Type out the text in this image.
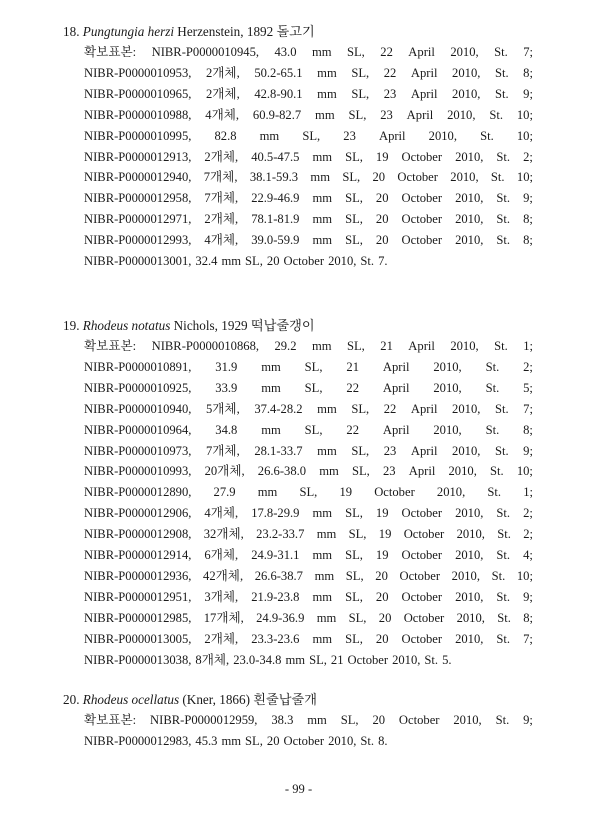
18. Pungtungia herzi Herzenstein, 1892 돌고기
확보표본: NIBR-P0000010945, 43.0 mm SL, 22 April 2010, St. 7;
NIBR-P0000010953, 2개체, 50.2-65.1 mm SL, 22 April 2010, St. 8;
NIBR-P0000010965, 2개체, 42.8-90.1 mm SL, 23 April 2010, St. 9;
NIBR-P0000010988, 4개체, 60.9-82.7 mm SL, 23 April 2010, St. 10;
NIBR-P0000010995, 82.8 mm SL, 23 April 2010, St. 10;
NIBR-P0000012913, 2개체, 40.5-47.5 mm SL, 19 October 2010, St. 2;
NIBR-P0000012940, 7개체, 38.1-59.3 mm SL, 20 October 2010, St. 10;
NIBR-P0000012958, 7개체, 22.9-46.9 mm SL, 20 October 2010, St. 9;
NIBR-P0000012971, 2개체, 78.1-81.9 mm SL, 20 October 2010, St. 8;
NIBR-P0000012993, 4개체, 39.0-59.9 mm SL, 20 October 2010, St. 8;
NIBR-P0000013001, 32.4 mm SL, 20 October 2010, St. 7.
19. Rhodeus notatus Nichols, 1929 떡납줄갱이
확보표본: NIBR-P0000010868, 29.2 mm SL, 21 April 2010, St. 1;
NIBR-P0000010891, 31.9 mm SL, 21 April 2010, St. 2;
NIBR-P0000010925, 33.9 mm SL, 22 April 2010, St. 5;
NIBR-P0000010940, 5개체, 37.4-28.2 mm SL, 22 April 2010, St. 7;
NIBR-P0000010964, 34.8 mm SL, 22 April 2010, St. 8;
NIBR-P0000010973, 7개체, 28.1-33.7 mm SL, 23 April 2010, St. 9;
NIBR-P0000010993, 20개체, 26.6-38.0 mm SL, 23 April 2010, St. 10;
NIBR-P0000012890, 27.9 mm SL, 19 October 2010, St. 1;
NIBR-P0000012906, 4개체, 17.8-29.9 mm SL, 19 October 2010, St. 2;
NIBR-P0000012908, 32개체, 23.2-33.7 mm SL, 19 October 2010, St. 2;
NIBR-P0000012914, 6개체, 24.9-31.1 mm SL, 19 October 2010, St. 4;
NIBR-P0000012936, 42개체, 26.6-38.7 mm SL, 20 October 2010, St. 10;
NIBR-P0000012951, 3개체, 21.9-23.8 mm SL, 20 October 2010, St. 9;
NIBR-P0000012985, 17개체, 24.9-36.9 mm SL, 20 October 2010, St. 8;
NIBR-P0000013005, 2개체, 23.3-23.6 mm SL, 20 October 2010, St. 7;
NIBR-P0000013038, 8개체, 23.0-34.8 mm SL, 21 October 2010, St. 5.
20. Rhodeus ocellatus (Kner, 1866) 흰줄납줄개
확보표본: NIBR-P0000012959, 38.3 mm SL, 20 October 2010, St. 9;
NIBR-P0000012983, 45.3 mm SL, 20 October 2010, St. 8.
- 99 -
